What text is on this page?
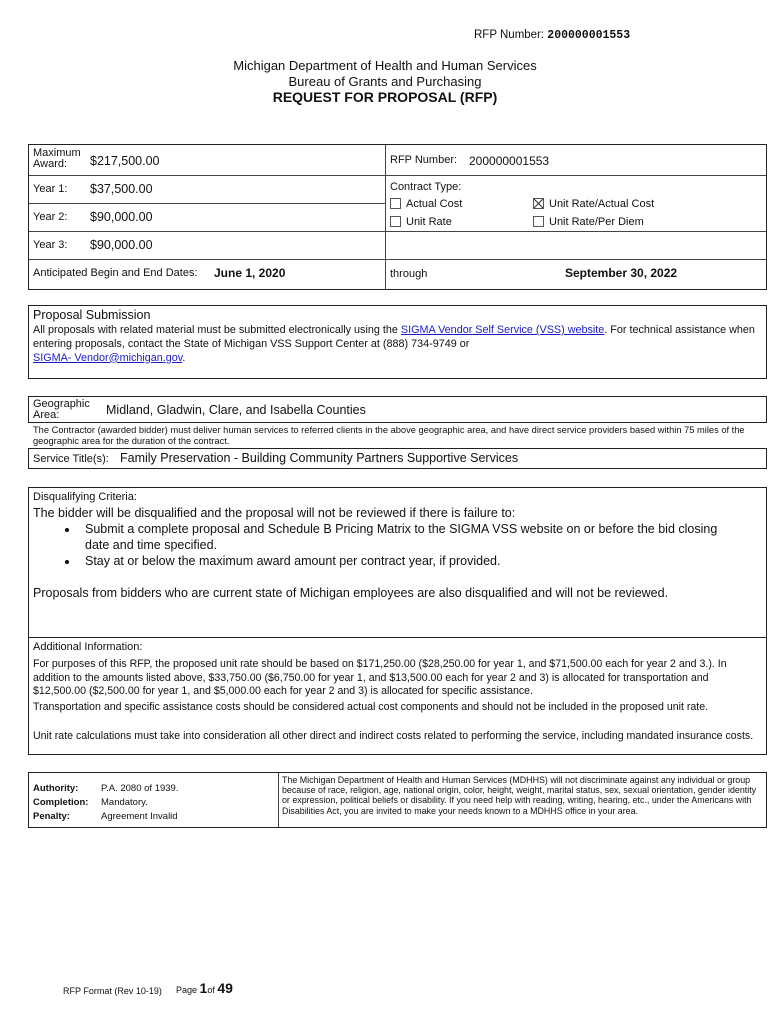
RFP Number: 200000001553
Michigan Department of Health and Human Services
Bureau of Grants and Purchasing
REQUEST FOR PROPOSAL (RFP)
Maximum
Award:	$217,500.00
Year 1: $37,500.00
Year 2: $90,000.00
Year 3: $90,000.00
RFP Number: 200000001553
Contract Type:
Actual Cost	Unit Rate/Actual Cost
Unit Rate	Unit Rate/Per Diem
Anticipated Begin and End Dates: June 1, 2020	through	September 30, 2022
Proposal Submission
All proposals with related material must be submitted electronically using the SIGMA Vendor Self Service (VSS) website. For technical assistance when entering proposals, contact the State of Michigan VSS Support Center at (888) 734-9749 or
SIGMA- Vendor@michigan.gov.
Geographic
Area:	Midland, Gladwin, Clare, and Isabella Counties
The Contractor (awarded bidder) must deliver human services to referred clients in the above geographic area, and have direct service providers based within 75 miles of the geographic area for the duration of the contract.
Service Title(s): Family Preservation - Building Community Partners Supportive Services
Disqualifying Criteria:
The bidder will be disqualified and the proposal will not be reviewed if there is failure to:
• Submit a complete proposal and Schedule B Pricing Matrix to the SIGMA VSS website on or before the bid closing date and time specified.
• Stay at or below the maximum award amount per contract year, if provided.
Proposals from bidders who are current state of Michigan employees are also disqualified and will not be reviewed.
Additional Information:
For purposes of this RFP, the proposed unit rate should be based on $171,250.00 ($28,250.00 for year 1, and $71,500.00 each for year 2 and 3.). In addition to the amounts listed above, $33,750.00 ($6,750.00 for year 1, and $13,500.00 each for year 2 and 3) is allocated for transportation and $12,500.00 ($2,500.00 for year 1, and $5,000.00 each for year 2 and 3) is allocated for specific assistance.
Transportation and specific assistance costs should be considered actual cost components and should not be included in the proposed unit rate.
Unit rate calculations must take into consideration all other direct and indirect costs related to performing the service, including mandated insurance costs.
Authority: P.A. 2080 of 1939.
Completion: Mandatory.
Penalty:	Agreement Invalid
The Michigan Department of Health and Human Services (MDHHS) will not discriminate against any individual or group because of race, religion, age, national origin, color, height, weight, marital status, sex, sexual orientation, gender identity or expression, political beliefs or disability. If you need help with reading, writing, hearing, etc., under the Americans with Disabilities Act, you are invited to make your needs known to a MDHHS office in your area.
RFP Format (Rev 10-19) Page 1of 49
